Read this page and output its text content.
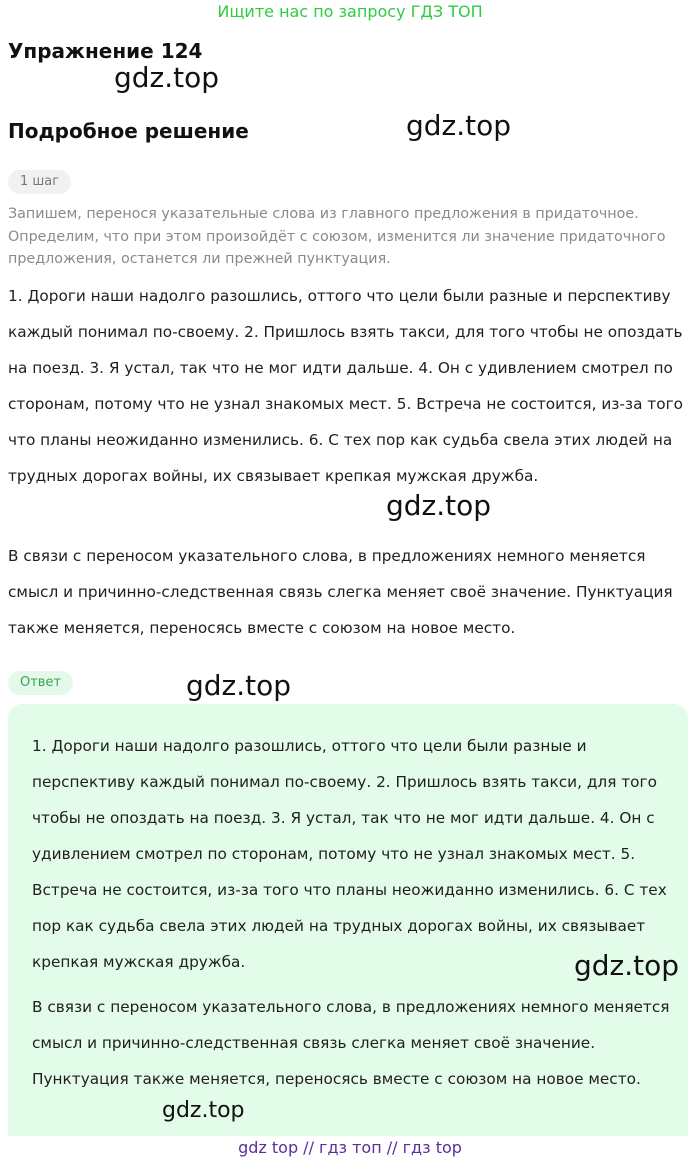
Ищите нас по запросу ГДЗ ТОП
Упражнение 124
gdz.top
Подробное решение	gdz.top
1 шаг
Запишем, перенося указательные слова из главного предложения в придаточное. Определим, что при этом произойдёт с союзом, изменится ли значение придаточного предложения, останется ли прежней пунктуация.
1. Дороги наши надолго разошлись, оттого что цели были разные и перспективу каждый понимал по-своему. 2. Пришлось взять такси, для того чтобы не опоздать на поезд. 3. Я устал, так что не мог идти дальше. 4. Он с удивлением смотрел по сторонам, потому что не узнал знакомых мест. 5. Встреча не состоится, из-за того что планы неожиданно изменились. 6. С тех пор как судьба свела этих людей на трудных дорогах войны, их связывает крепкая мужская дружба.
gdz.top
В связи с переносом указательного слова, в предложениях немного меняется смысл и причинно-следственная связь слегка меняет своё значение. Пунктуация также меняется, переносясь вместе с союзом на новое место.
Ответ	gdz.top
1. Дороги наши надолго разошлись, оттого что цели были разные и перспективу каждый понимал по-своему. 2. Пришлось взять такси, для того чтобы не опоздать на поезд. 3. Я устал, так что не мог идти дальше. 4. Он с удивлением смотрел по сторонам, потому что не узнал знакомых мест. 5. Встреча не состоится, из-за того что планы неожиданно изменились. 6. С тех пор как судьба свела этих людей на трудных дорогах войны, их связывает крепкая мужская дружба.	gdz.top
В связи с переносом указательного слова, в предложениях немного меняется смысл и причинно-следственная связь слегка меняет своё значение. Пунктуация также меняется, переносясь вместе с союзом на новое место.
gdz.top
gdz top // гдз топ // гдз top
